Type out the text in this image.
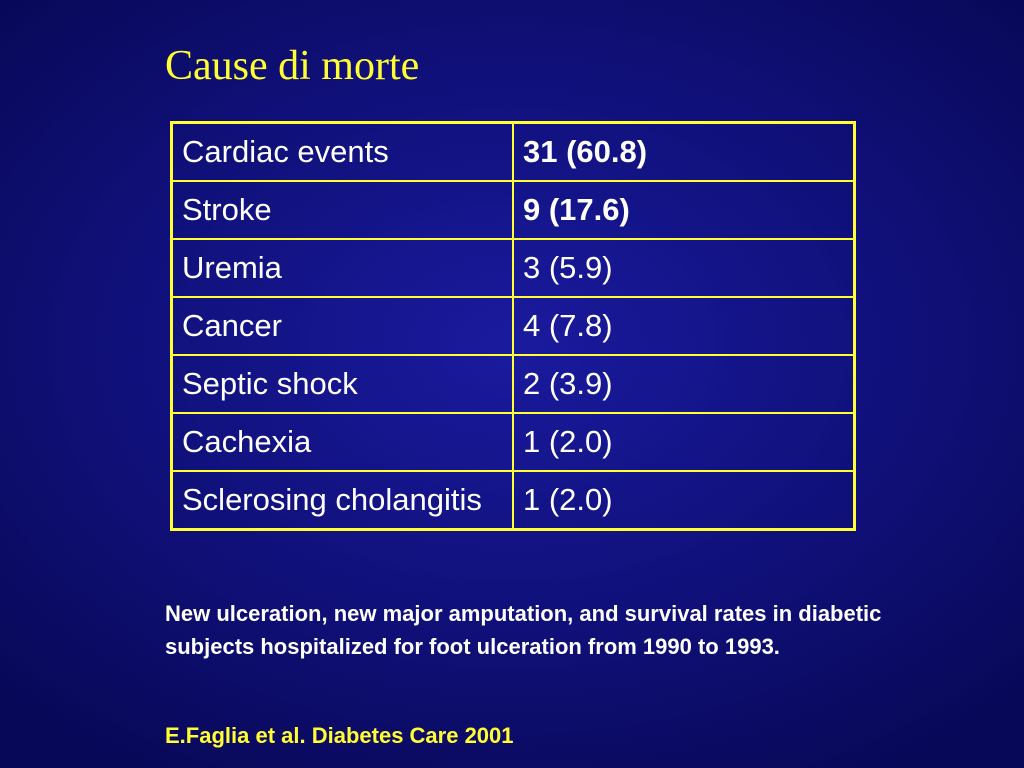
Cause di morte
Cardiac events	31 (60.8)
Stroke	9 (17.6)
Uremia	3 (5.9)
Cancer	4 (7.8)
Septic shock	2 (3.9)
Cachexia	1 (2.0)
Sclerosing cholangitis	1 (2.0)

New ulceration, new major amputation, and survival rates in diabetic subjects hospitalized for foot ulceration from 1990 to 1993.

E.Faglia et al. Diabetes Care 2001
